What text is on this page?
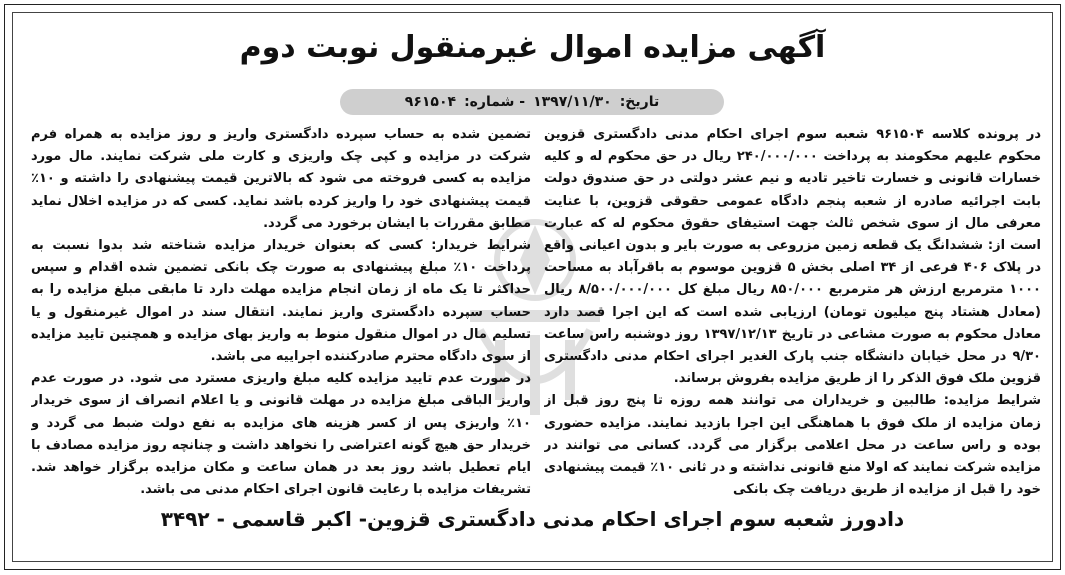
آگهی مزایده اموال غیرمنقول نوبت دوم
تاریخ:
۱۳۹۷/۱۱/۳۰
- شماره:
۹۶۱۵۰۴

در پرونده کلاسه ۹۶۱۵۰۴ شعبه سوم اجرای احکام مدنی دادگستری قزوین محکوم علیهم محکومند به پرداخت ۲۴۰/۰۰۰/۰۰۰ ریال در حق محکوم له و کلیه خسارات قانونی و خسارت تاخیر تادیه و نیم عشر دولتی در حق صندوق دولت بابت اجرائیه صادره از شعبه پنجم دادگاه عمومی حقوقی قزوین، با عنایت معرفی مال از سوی شخص ثالث جهت استیفای حقوق محکوم له که عبارت است از: ششدانگ یک قطعه زمین مزروعی به صورت بایر و بدون اعیانی واقع در پلاک ۴۰۶ فرعی از ۳۴ اصلی بخش ۵ قزوین موسوم به باقرآباد به مساحت ۱۰۰۰ مترمربع ارزش هر مترمربع ۸۵۰/۰۰۰ ریال مبلغ کل ۸/۵۰۰/۰۰۰/۰۰۰ ریال (معادل هشتاد پنج میلیون تومان) ارزیابی شده است که این اجرا قصد دارد معادل محکوم به صورت مشاعی در تاریخ ۱۳۹۷/۱۲/۱۳ روز دوشنبه راس ساعت ۹/۳۰ در محل خیابان دانشگاه جنب پارک الغدیر اجرای احکام مدنی دادگستری قزوین ملک فوق الذکر را از طریق مزایده بفروش برساند.

شرایط مزایده: طالبین و خریداران می توانند همه روزه تا پنج روز قبل از زمان مزایده از ملک فوق با هماهنگی این اجرا بازدید نمایند. مزایده حضوری بوده و راس ساعت در محل اعلامی برگزار می گردد. کسانی می توانند در مزایده شرکت نمایند که اولا منع قانونی نداشته و در ثانی ۱۰٪ قیمت پیشنهادی خود را قبل از مزایده از طریق دریافت چک بانکی

تضمین شده به حساب سپرده دادگستری واریز و روز مزایده به همراه فرم شرکت در مزایده و کپی چک واریزی و کارت ملی شرکت نمایند. مال مورد مزایده به کسی فروخته می شود که بالاترین قیمت پیشنهادی را داشته و ۱۰٪ قیمت پیشنهادی خود را واریز کرده باشد نماید. کسی که در مزایده اخلال نماید مطابق مقررات با ایشان برخورد می گردد.

شرایط خریدار: کسی که بعنوان خریدار مزایده شناخته شد بدوا نسبت به پرداخت ۱۰٪ مبلغ پیشنهادی به صورت چک بانکی تضمین شده اقدام و سپس حداکثر تا یک ماه از زمان انجام مزایده مهلت دارد تا مابقی مبلغ مزایده را به حساب سپرده دادگستری واریز نمایند. انتقال سند در اموال غیرمنقول و یا تسلیم مال در اموال منقول منوط به واریز بهای مزایده و همچنین تایید مزایده از سوی دادگاه محترم صادرکننده اجراییه می باشد.

در صورت عدم تایید مزایده کلیه مبلغ واریزی مسترد می شود. در صورت عدم واریز الباقی مبلغ مزایده در مهلت قانونی و یا اعلام انصراف از سوی خریدار ۱۰٪ واریزی پس از کسر هزینه های مزایده به نفع دولت ضبط می گردد و خریدار حق هیچ گونه اعتراضی را نخواهد داشت و چنانچه روز مزایده مصادف با ایام تعطیل باشد روز بعد در همان ساعت و مکان مزایده برگزار خواهد شد. تشریفات مزایده با رعایت قانون اجرای احکام مدنی می باشد.

دادورز شعبه سوم اجرای احکام مدنی دادگستری قزوین- اکبر قاسمی - ۳۴۹۲
